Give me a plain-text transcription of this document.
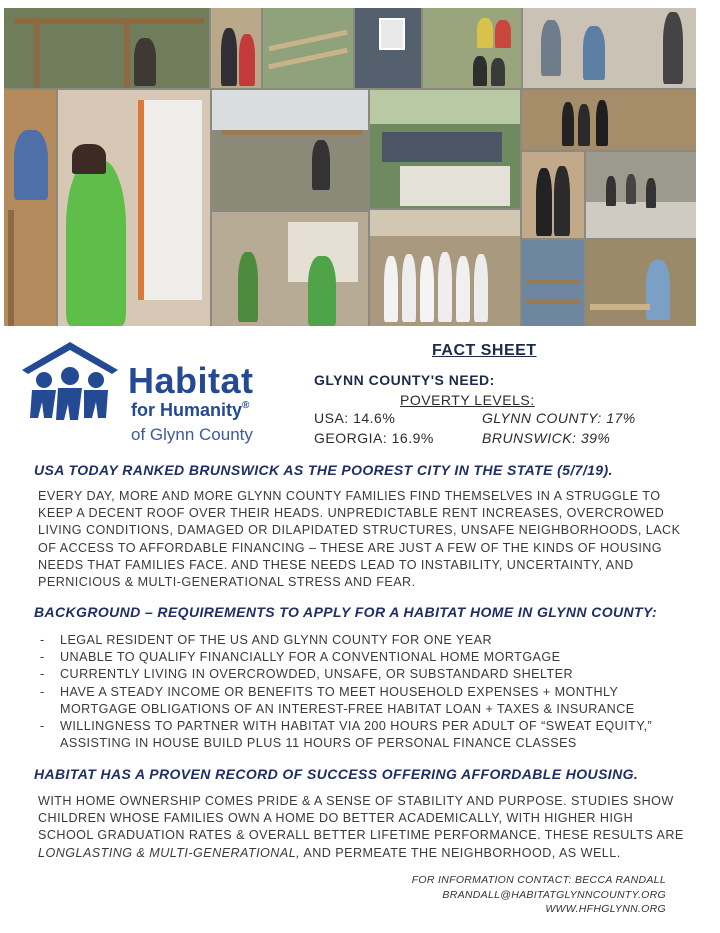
Habitat
for Humanity®
of Glynn County
FACT SHEET
GLYNN COUNTY'S NEED:
POVERTY LEVELS:
USA: 14.6%
GEORGIA: 16.9%
GLYNN COUNTY: 17%
BRUNSWICK: 39%
USA TODAY RANKED BRUNSWICK AS THE POOREST CITY IN THE STATE (5/7/19).

EVERY DAY, MORE AND MORE GLYNN COUNTY FAMILIES FIND THEMSELVES IN A STRUGGLE TO KEEP A DECENT ROOF OVER THEIR HEADS. UNPREDICTABLE RENT INCREASES, OVERCROWED LIVING CONDITIONS, DAMAGED OR DILAPIDATED STRUCTURES, UNSAFE NEIGHBORHOODS, LACK OF ACCESS TO AFFORDABLE FINANCING – THESE ARE JUST A FEW OF THE KINDS OF HOUSING NEEDS THAT FAMILIES FACE. AND THESE NEEDS LEAD TO INSTABILITY, UNCERTAINTY, AND PERNICIOUS & MULTI-GENERATIONAL STRESS AND FEAR.

BACKGROUND – REQUIREMENTS TO APPLY FOR A HABITAT HOME IN GLYNN COUNTY:
- LEGAL RESIDENT OF THE US AND GLYNN COUNTY FOR ONE YEAR
- UNABLE TO QUALIFY FINANCIALLY FOR A CONVENTIONAL HOME MORTGAGE
- CURRENTLY LIVING IN OVERCROWDED, UNSAFE, OR SUBSTANDARD SHELTER
- HAVE A STEADY INCOME OR BENEFITS TO MEET HOUSEHOLD EXPENSES + MONTHLY MORTGAGE OBLIGATIONS OF AN INTEREST-FREE HABITAT LOAN + TAXES & INSURANCE
- WILLINGNESS TO PARTNER WITH HABITAT VIA 200 HOURS PER ADULT OF “SWEAT EQUITY,” ASSISTING IN HOUSE BUILD PLUS 11 HOURS OF PERSONAL FINANCE CLASSES
HABITAT HAS A PROVEN RECORD OF SUCCESS OFFERING AFFORDABLE HOUSING.

WITH HOME OWNERSHIP COMES PRIDE & A SENSE OF STABILITY AND PURPOSE. STUDIES SHOW CHILDREN WHOSE FAMILIES OWN A HOME DO BETTER ACADEMICALLY, WITH HIGHER HIGH SCHOOL GRADUATION RATES & OVERALL BETTER LIFETIME PERFORMANCE. THESE RESULTS ARE LONGLASTING & MULTI-GENERATIONAL, AND PERMEATE THE NEIGHBORHOOD, AS WELL.

FOR INFORMATION CONTACT: BECCA RANDALL
BRANDALL@HABITATGLYNNCOUNTY.ORG
WWW.HFHGLYNN.ORG
